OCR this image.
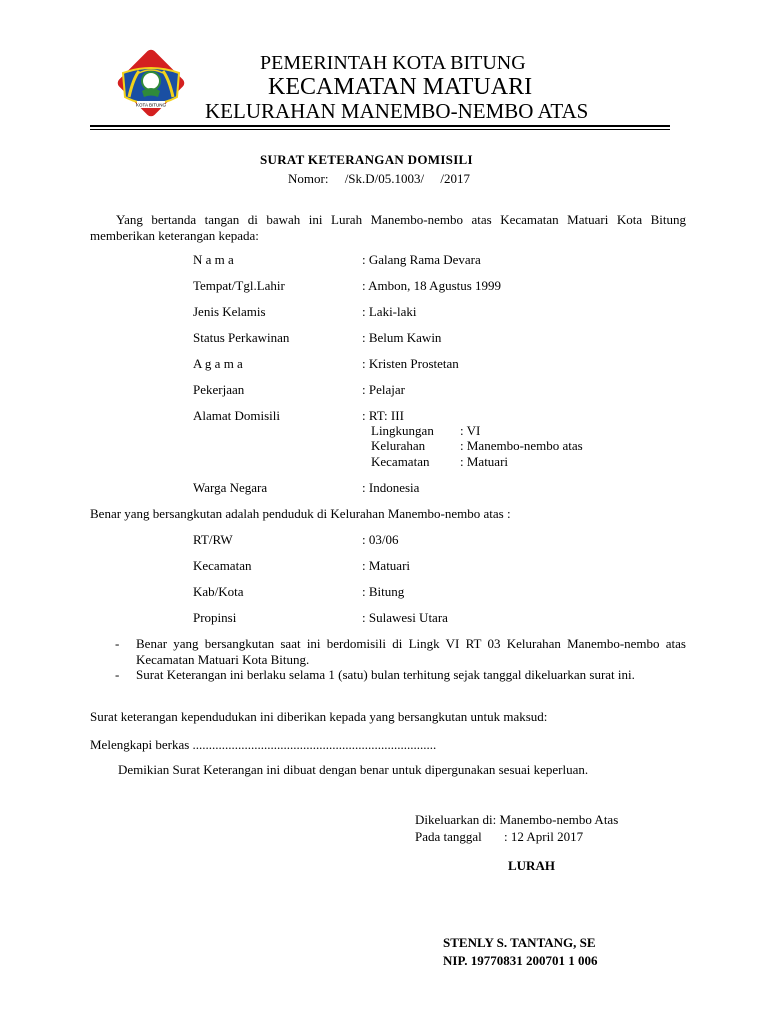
KOTA BITUNG
PEMERINTAH KOTA BITUNG
KECAMATAN MATUARI
KELURAHAN MANEMBO-NEMBO ATAS
SURAT KETERANGAN DOMISILI
Nomor:     /Sk.D/05.1003/     /2017
Yang bertanda tangan di bawah ini Lurah Manembo-nembo atas Kecamatan Matuari Kota Bitung memberikan keterangan kepada:
N a m a	: Galang Rama Devara
Tempat/Tgl.Lahir	: Ambon, 18 Agustus 1999
Jenis Kelamis	: Laki-laki
Status Perkawinan	: Belum Kawin
A g a m a	: Kristen Prostetan
Pekerjaan	: Pelajar
Alamat Domisili	: RT: III
Lingkungan : VI
Kelurahan	: Manembo-nembo atas
Kecamatan : Matuari
Warga Negara	: Indonesia
Benar yang bersangkutan adalah penduduk di Kelurahan Manembo-nembo atas :
RT/RW	: 03/06
Kecamatan	: Matuari
Kab/Kota	: Bitung
Propinsi	: Sulawesi Utara
- Benar yang bersangkutan saat ini berdomisili di Lingk VI RT 03 Kelurahan Manembo-nembo atas Kecamatan Matuari Kota Bitung.
- Surat Keterangan ini berlaku selama 1 (satu) bulan terhitung sejak tanggal dikeluarkan surat ini.
Surat keterangan kependudukan ini diberikan kepada yang bersangkutan untuk maksud:
Melengkapi berkas ...........................................................................
Demikian Surat Keterangan ini dibuat dengan benar untuk dipergunakan sesuai keperluan.
Dikeluarkan di: Manembo-nembo Atas
Pada tanggal : 12 April 2017
LURAH
STENLY S. TANTANG, SE
NIP. 19770831 200701 1 006
